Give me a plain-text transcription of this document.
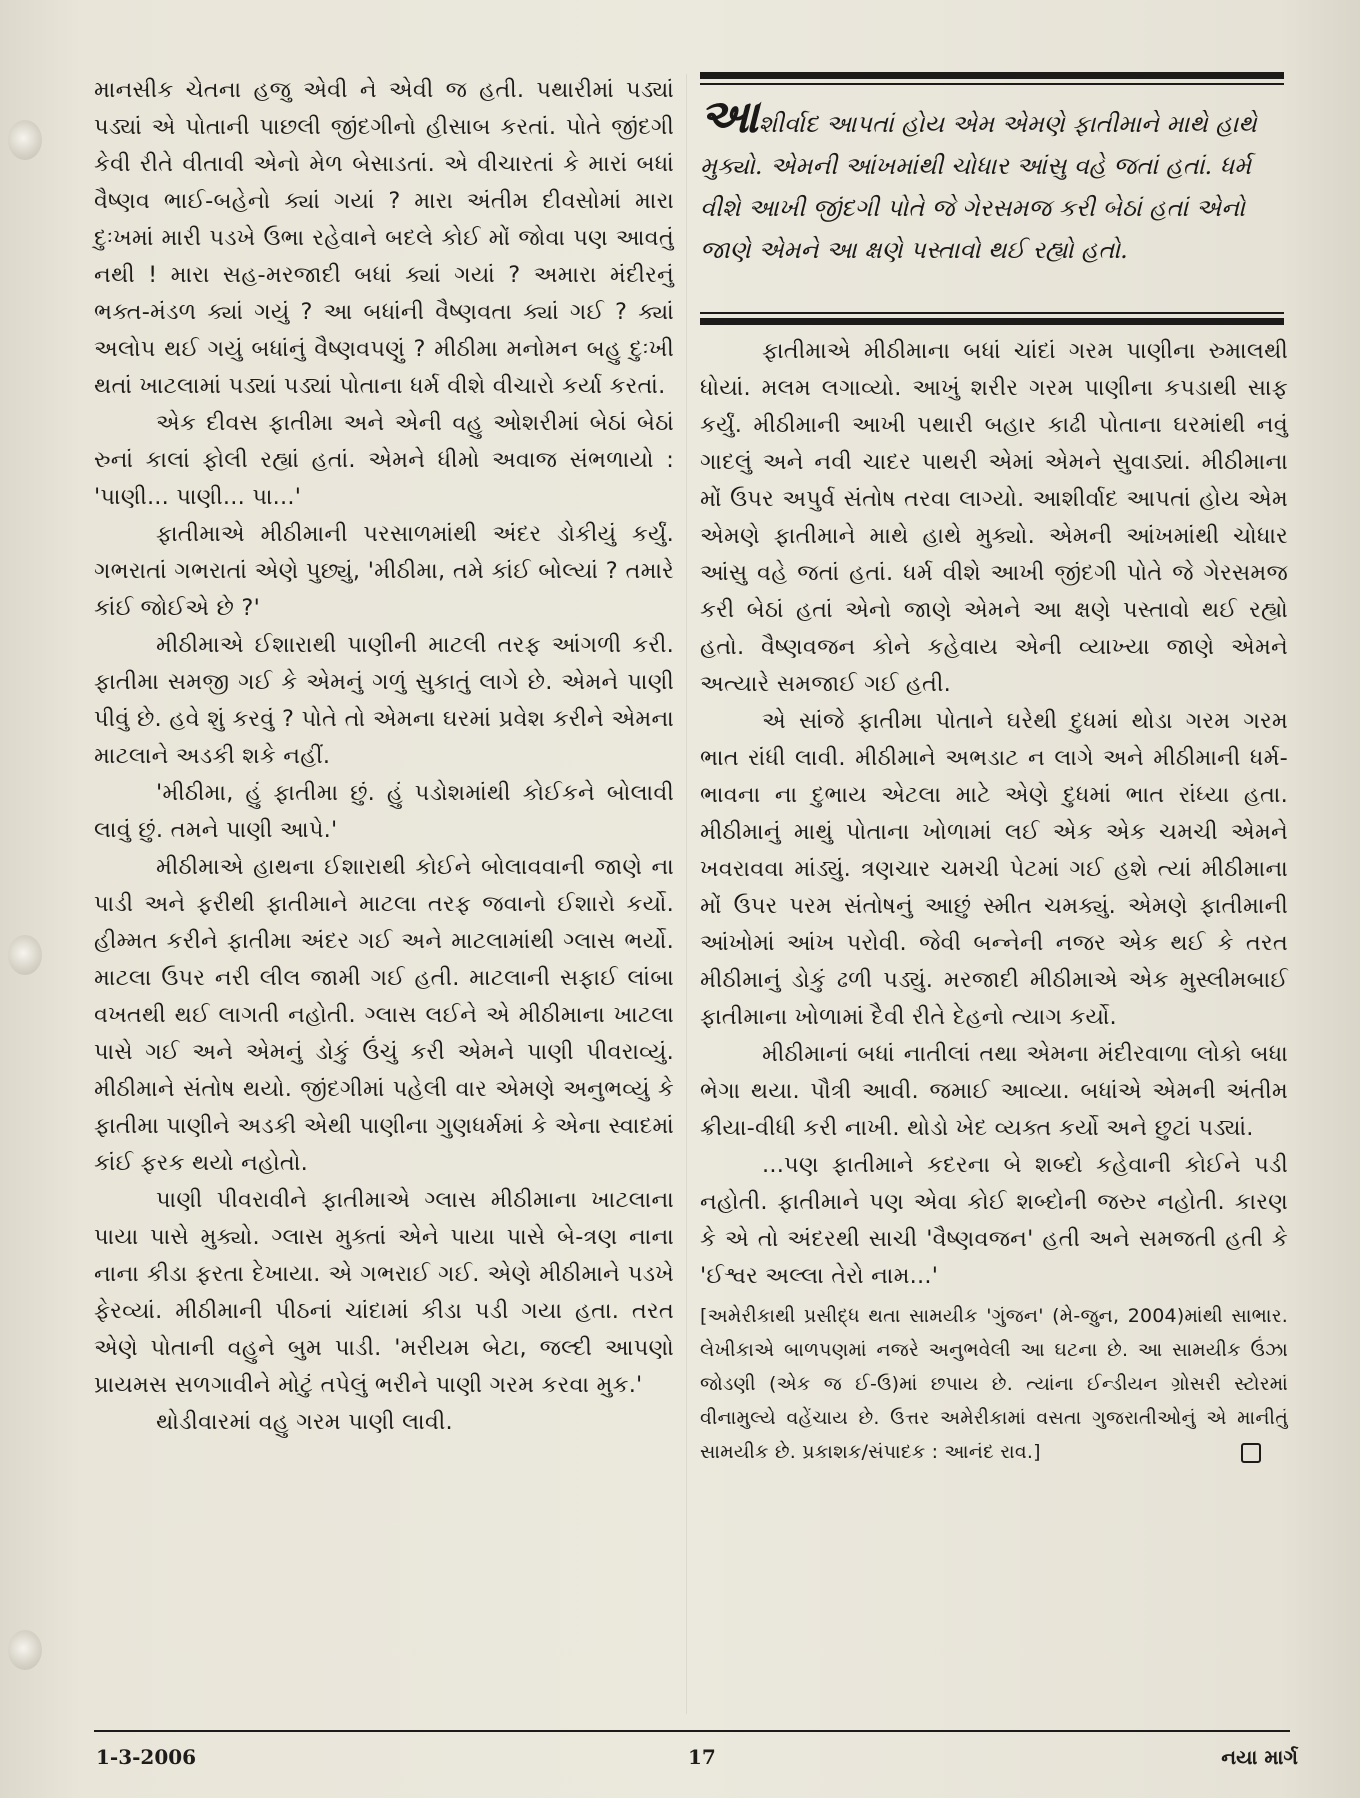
માનસીક ચેતના હજુ એવી ને એવી જ હતી. પથારીમાં પડ્યાં પડ્યાં એ પોતાની પાછલી જીંદગીનો હીસાબ કરતાં. પોતે જીંદગી કેવી રીતે વીતાવી એનો મેળ બેસાડતાં. એ વીચારતાં કે મારાં બધાં વૈષ્ણવ ભાઈ-બહેનો ક્યાં ગયાં ? મારા અંતીમ દીવસોમાં મારા દુઃખમાં મારી પડખે ઉભા રહેવાને બદલે કોઈ મોં જોવા પણ આવતું નથી ! મારા સહ-મરજાદી બધાં ક્યાં ગયાં ? અમારા મંદીરનું ભક્ત-મંડળ ક્યાં ગયું ? આ બધાંની વૈષ્ણવતા ક્યાં ગઈ ? ક્યાં અલોપ થઈ ગયું બધાંનું વૈષ્ણવપણું ? મીઠીમા મનોમન બહુ દુઃખી થતાં ખાટલામાં પડ્યાં પડ્યાં પોતાના ધર્મ વીશે વીચારો કર્યા કરતાં.

એક દીવસ ફાતીમા અને એની વહુ ઓશરીમાં બેઠાં બેઠાં રુનાં કાલાં ફોલી રહ્યાં હતાં. એમને ધીમો અવાજ સંભળાયો : 'પાણી... પાણી... પા...'

ફાતીમાએ મીઠીમાની પરસાળમાંથી અંદર ડોકીયું કર્યું. ગભરાતાં ગભરાતાં એણે પુછ્યું, 'મીઠીમા, તમે કાંઈ બોલ્યાં ? તમારે કાંઈ જોઈએ છે ?'

મીઠીમાએ ઈશારાથી પાણીની માટલી તરફ આંગળી કરી. ફાતીમા સમજી ગઈ કે એમનું ગળું સુકાતું લાગે છે. એમને પાણી પીવું છે. હવે શું કરવું ? પોતે તો એમના ઘરમાં પ્રવેશ કરીને એમના માટલાને અડકી શકે નહીં.

'મીઠીમા, હું ફાતીમા છું. હું પડોશમાંથી કોઈકને બોલાવી લાવું છું. તમને પાણી આપે.'

મીઠીમાએ હાથના ઈશારાથી કોઈને બોલાવવાની જાણે ના પાડી અને ફરીથી ફાતીમાને માટલા તરફ જવાનો ઈશારો કર્યો. હીમ્મત કરીને ફાતીમા અંદર ગઈ અને માટલામાંથી ગ્લાસ ભર્યો. માટલા ઉપર નરી લીલ જામી ગઈ હતી. માટલાની સફાઈ લાંબા વખતથી થઈ લાગતી નહોતી. ગ્લાસ લઈને એ મીઠીમાના ખાટલા પાસે ગઈ અને એમનું ડોકું ઉંચું કરી એમને પાણી પીવરાવ્યું. મીઠીમાને સંતોષ થયો. જીંદગીમાં પહેલી વાર એમણે અનુભવ્યું કે ફાતીમા પાણીને અડકી એથી પાણીના ગુણધર્મમાં કે એના સ્વાદમાં કાંઈ ફરક થયો નહોતો.

પાણી પીવરાવીને ફાતીમાએ ગ્લાસ મીઠીમાના ખાટલાના પાયા પાસે મુક્યો. ગ્લાસ મુક્તાં એને પાયા પાસે બે-ત્રણ નાના નાના કીડા ફરતા દેખાયા. એ ગભરાઈ ગઈ. એણે મીઠીમાને પડખે ફેરવ્યાં. મીઠીમાની પીઠનાં ચાંદામાં કીડા પડી ગયા હતા. તરત એણે પોતાની વહુને બુમ પાડી. 'મરીયમ બેટા, જલ્દી આપણો પ્રાયમસ સળગાવીને મોટું તપેલું ભરીને પાણી ગરમ કરવા મુક.'

થોડીવારમાં વહુ ગરમ પાણી લાવી.

આશીર્વાદ આપતાં હોય એમ એમણે ફાતીમાને માથે હાથે મુક્યો. એમની આંખમાંથી ચોધાર આંસુ વહે જતાં હતાં. ધર્મ વીશે આખી જીંદગી પોતે જે ગેરસમજ કરી બેઠાં હતાં એનો જાણે એમને આ ક્ષણે પસ્તાવો થઈ રહ્યો હતો.

ફાતીમાએ મીઠીમાના બધાં ચાંદાં ગરમ પાણીના રુમાલથી ધોયાં. મલમ લગાવ્યો. આખું શરીર ગરમ પાણીના કપડાથી સાફ કર્યું. મીઠીમાની આખી પથારી બહાર કાઢી પોતાના ઘરમાંથી નવું ગાદલું અને નવી ચાદર પાથરી એમાં એમને સુવાડ્યાં. મીઠીમાના મોં ઉપર અપુર્વ સંતોષ તરવા લાગ્યો. આશીર્વાદ આપતાં હોય એમ એમણે ફાતીમાને માથે હાથે મુક્યો. એમની આંખમાંથી ચોધાર આંસુ વહે જતાં હતાં. ધર્મ વીશે આખી જીંદગી પોતે જે ગેરસમજ કરી બેઠાં હતાં એનો જાણે એમને આ ક્ષણે પસ્તાવો થઈ રહ્યો હતો. વૈષ્ણવજન કોને કહેવાય એની વ્યાખ્યા જાણે એમને અત્યારે સમજાઈ ગઈ હતી.

એ સાંજે ફાતીમા પોતાને ઘરેથી દુધમાં થોડા ગરમ ગરમ ભાત રાંધી લાવી. મીઠીમાને અભડાટ ન લાગે અને મીઠીમાની ધર્મ-ભાવના ના દુભાય એટલા માટે એણે દુધમાં ભાત રાંધ્યા હતા. મીઠીમાનું માથું પોતાના ખોળામાં લઈ એક એક ચમચી એમને ખવરાવવા માંડ્યું. ત્રણચાર ચમચી પેટમાં ગઈ હશે ત્યાં મીઠીમાના મોં ઉપર પરમ સંતોષનું આછું સ્મીત ચમક્યું. એમણે ફાતીમાની આંખોમાં આંખ પરોવી. જેવી બન્નેની નજર એક થઈ કે તરત મીઠીમાનું ડોકું ઢળી પડ્યું. મરજાદી મીઠીમાએ એક મુસ્લીમબાઈ ફાતીમાના ખોળામાં દૈવી રીતે દેહનો ત્યાગ કર્યો.

મીઠીમાનાં બધાં નાતીલાં તથા એમના મંદીરવાળા લોકો બધા ભેગા થયા. પૌત્રી આવી. જમાઈ આવ્યા. બધાંએ એમની અંતીમ ક્રીયા-વીધી કરી નાખી. થોડો ખેદ વ્યક્ત કર્યો અને છુટાં પડ્યાં.

...પણ ફાતીમાને કદરના બે શબ્દો કહેવાની કોઈને પડી નહોતી. ફાતીમાને પણ એવા કોઈ શબ્દોની જરુર નહોતી. કારણ કે એ તો અંદરથી સાચી 'વૈષ્ણવજન' હતી અને સમજતી હતી કે 'ઈશ્વર અલ્લા તેરો નામ...'

[અમેરીકાથી પ્રસીદ્ધ થતા સામયીક 'ગુંજન' (મે-જુન, 2004)માંથી સાભાર. લેખીકાએ બાળપણમાં નજરે અનુભવેલી આ ઘટના છે. આ સામયીક ઉંઝા જોડણી (એક જ ઈ-ઉ)માં છપાય છે. ત્યાંના ઈન્ડીયન ગ્રોસરી સ્ટોરમાં વીનામુલ્યે વહેંચાય છે. ઉત્તર અમેરીકામાં વસતા ગુજરાતીઓનું એ માનીતું સામયીક છે. પ્રકાશક/સંપાદક : આનંદ રાવ.]

1-3-2006	17	નયા માર્ગ
